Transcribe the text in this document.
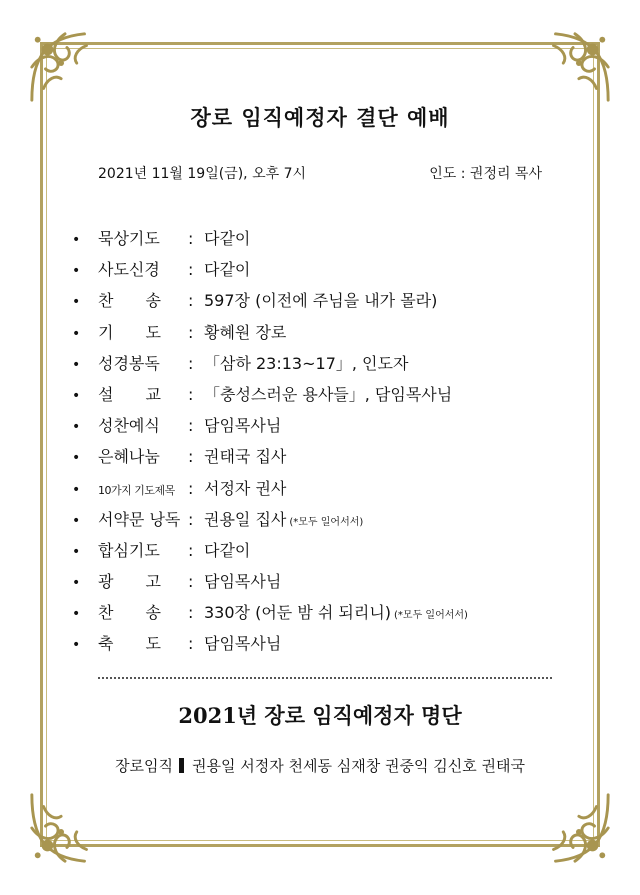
장로 임직예정자 결단 예배
2021년 11월 19일(금), 오후 7시	인도 : 권정리 목사
• 묵상기도 : 다같이
• 사도신경 : 다같이
• 찬　　송 : 597장 (이전에 주님을 내가 몰라)
• 기　　도 : 황혜원 장로
• 성경봉독 : 「삼하 23:13~17」, 인도자
• 설　　교 : 「충성스러운 용사들」, 담임목사님
• 성찬예식 : 담임목사님
• 은혜나눔 : 권태국 집사
• 10가지 기도제목 : 서정자 권사
• 서약문 낭독 : 권용일 집사 (*모두 일어서서)
• 합심기도 : 다같이
• 광　　고 : 담임목사님
• 찬　　송 : 330장 (어둔 밤 쉬 되리니) (*모두 일어서서)
• 축　　도 : 담임목사님
2021년 장로 임직예정자 명단
장로임직 권용일 서정자 천세동 심재창 권중익 김신호 권태국
